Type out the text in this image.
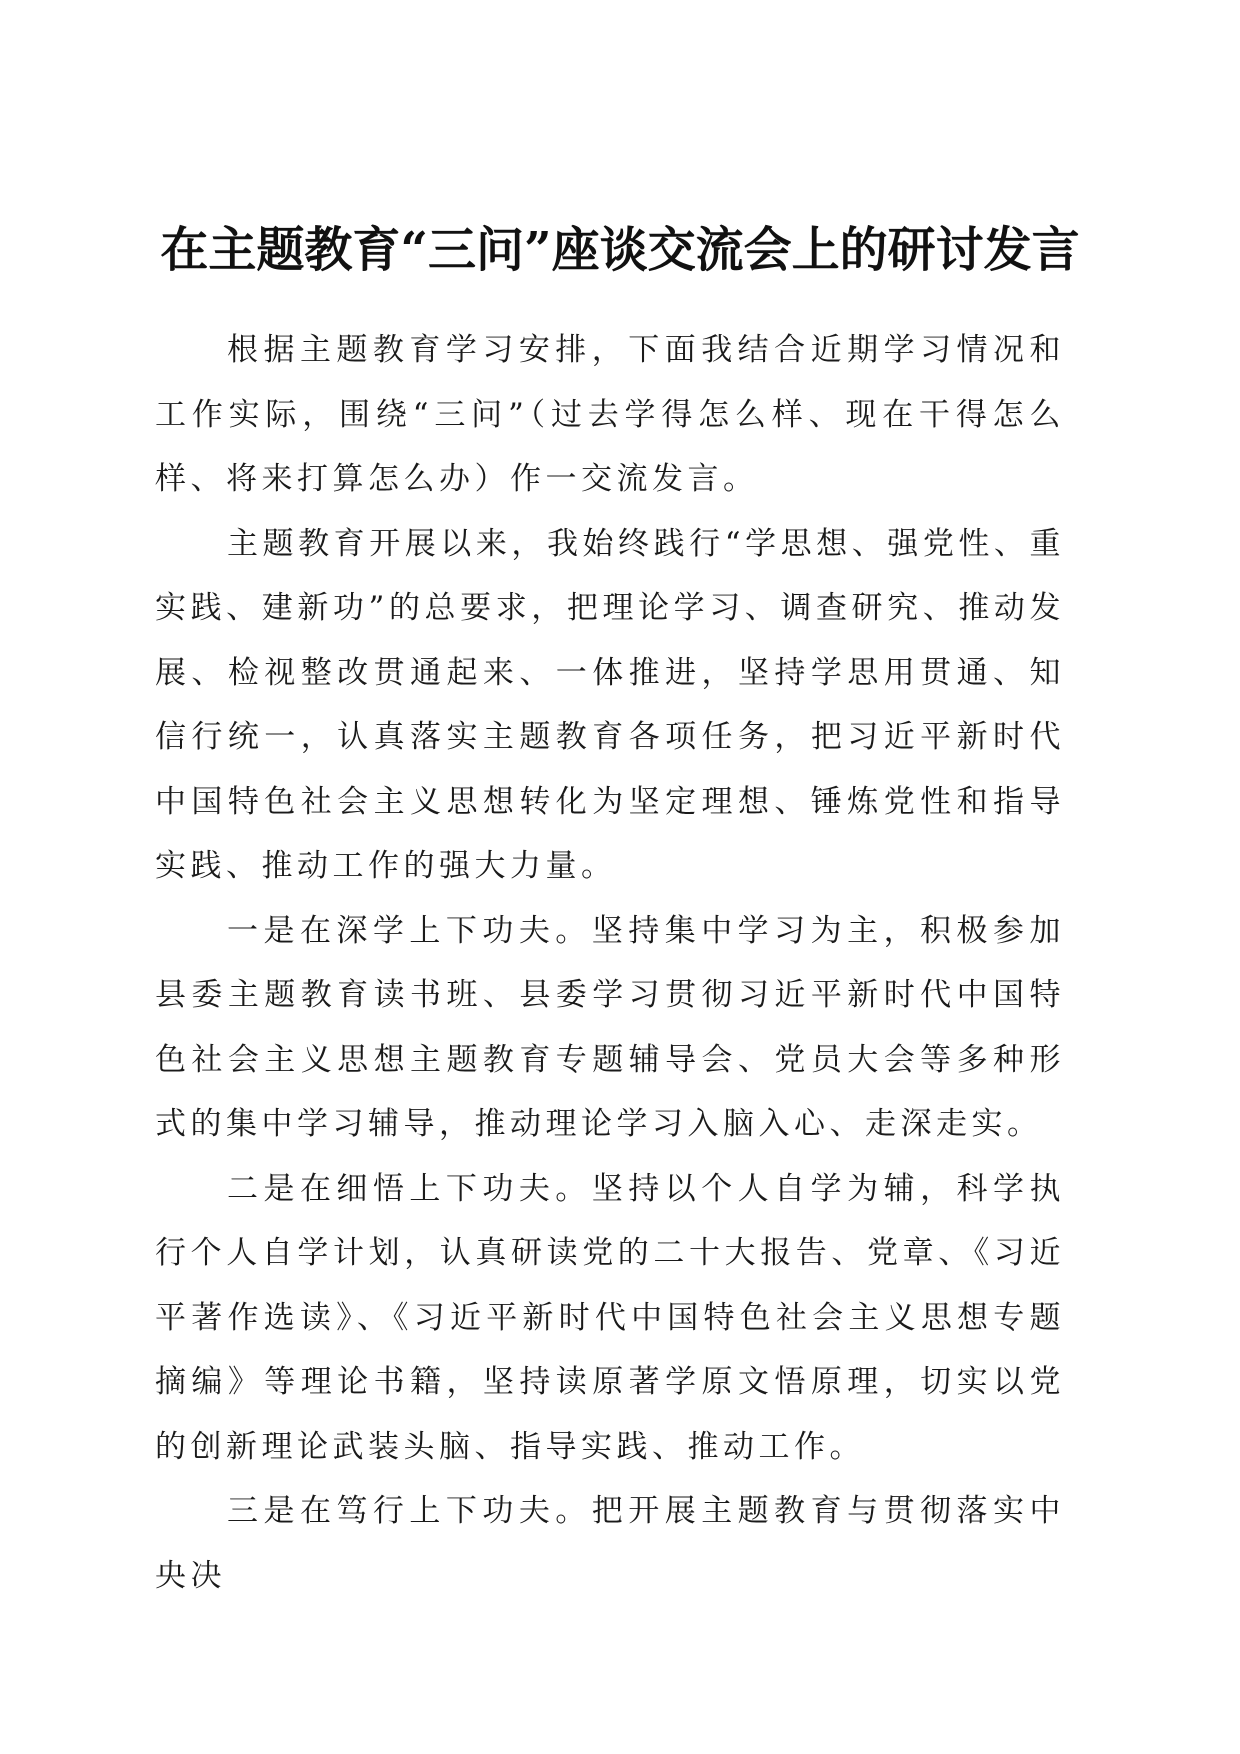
在主题教育“三问”座谈交流会上的研讨发言

根据主题教育学习安排，下面我结合近期学习情况和工作实际，围绕“三问”（过去学得怎么样、现在干得怎么样、将来打算怎么办）作一交流发言。

主题教育开展以来，我始终践行“学思想、强党性、重实践、建新功”的总要求，把理论学习、调查研究、推动发展、检视整改贯通起来、一体推进，坚持学思用贯通、知信行统一，认真落实主题教育各项任务，把习近平新时代中国特色社会主义思想转化为坚定理想、锤炼党性和指导实践、推动工作的强大力量。

一是在深学上下功夫。坚持集中学习为主，积极参加县委主题教育读书班、县委学习贯彻习近平新时代中国特色社会主义思想主题教育专题辅导会、党员大会等多种形式的集中学习辅导，推动理论学习入脑入心、走深走实。

二是在细悟上下功夫。坚持以个人自学为辅，科学执行个人自学计划，认真研读党的二十大报告、党章、《习近平著作选读》、《习近平新时代中国特色社会主义思想专题摘编》等理论书籍，坚持读原著学原文悟原理，切实以党的创新理论武装头脑、指导实践、推动工作。

三是在笃行上下功夫。把开展主题教育与贯彻落实中央决
